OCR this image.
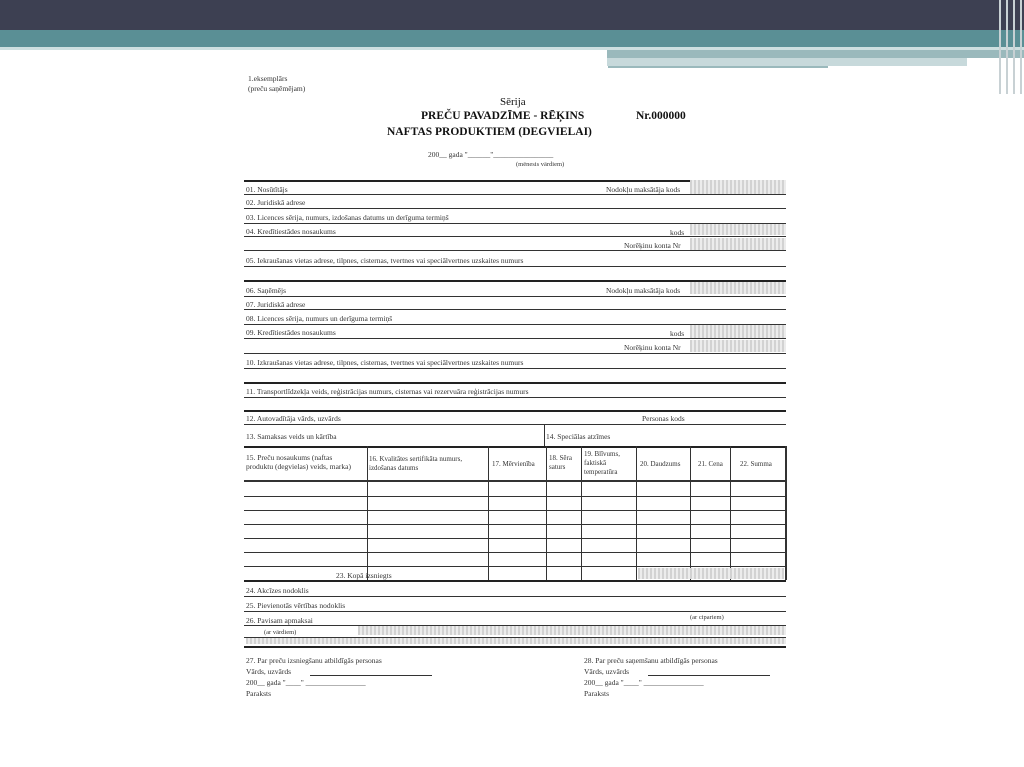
1.eksemplārs
(preču saņēmējam)
Sērija
PREČU PAVADZĪME - RĒĶINS	Nr.000000
NAFTAS PRODUKTIEM (DEGVIELAI)
200__ gada "______"________________
(mēnesis vārdiem)
01. Nosūtītājs	Nodokļu maksātāja kods
02. Juridiskā adrese
03. Licences sērija, numurs, izdošanas datums un derīguma termiņš
04. Kredītiestādes nosaukums	kods
Norēķinu konta Nr
05. Iekraušanas vietas adrese, tilpnes, cisternas, tvertnes vai speciālvertnes uzskaites numurs
06. Saņēmējs	Nodokļu maksātāja kods
07. Juridiskā adrese
08. Licences sērija, numurs un derīguma termiņš
09. Kredītiestādes nosaukums	kods
Norēķinu konta Nr
10. Izkraušanas vietas adrese, tilpnes, cisternas, tvertnes vai speciālvertnes uzskaites numurs
11. Transportlīdzekļa veids, reģistrācijas numurs, cisternas vai rezervuāra reģistrācijas numurs
12. Autovadītāja vārds, uzvārds	Personas kods
13. Samaksas veids un kārtība	14. Speciālas atzīmes
15. Preču nosaukums (naftas
produktu (degvielas) veids, marka)
16. Kvalitātes sertifikāta numurs,
izdošanas datums	17. Mērvienība
18. Sēra
saturs
19. Blīvums,
faktiskā
temperatūra
20. Daudzums	21. Cena 22. Summa
23. Kopā izsniegts
24. Akcīzes nodoklis
25. Pievienotās vērtības nodoklis
26. Pavisam apmaksai	(ar cipariem)
(ar vārdiem)
27. Par preču izsniegšanu atbildīgās personas
Vārds, uzvārds
200__ gada "____" ________________
Paraksts
28. Par preču saņemšanu atbildīgās personas
Vārds, uzvārds
200__ gada "____" ________________
Paraksts
